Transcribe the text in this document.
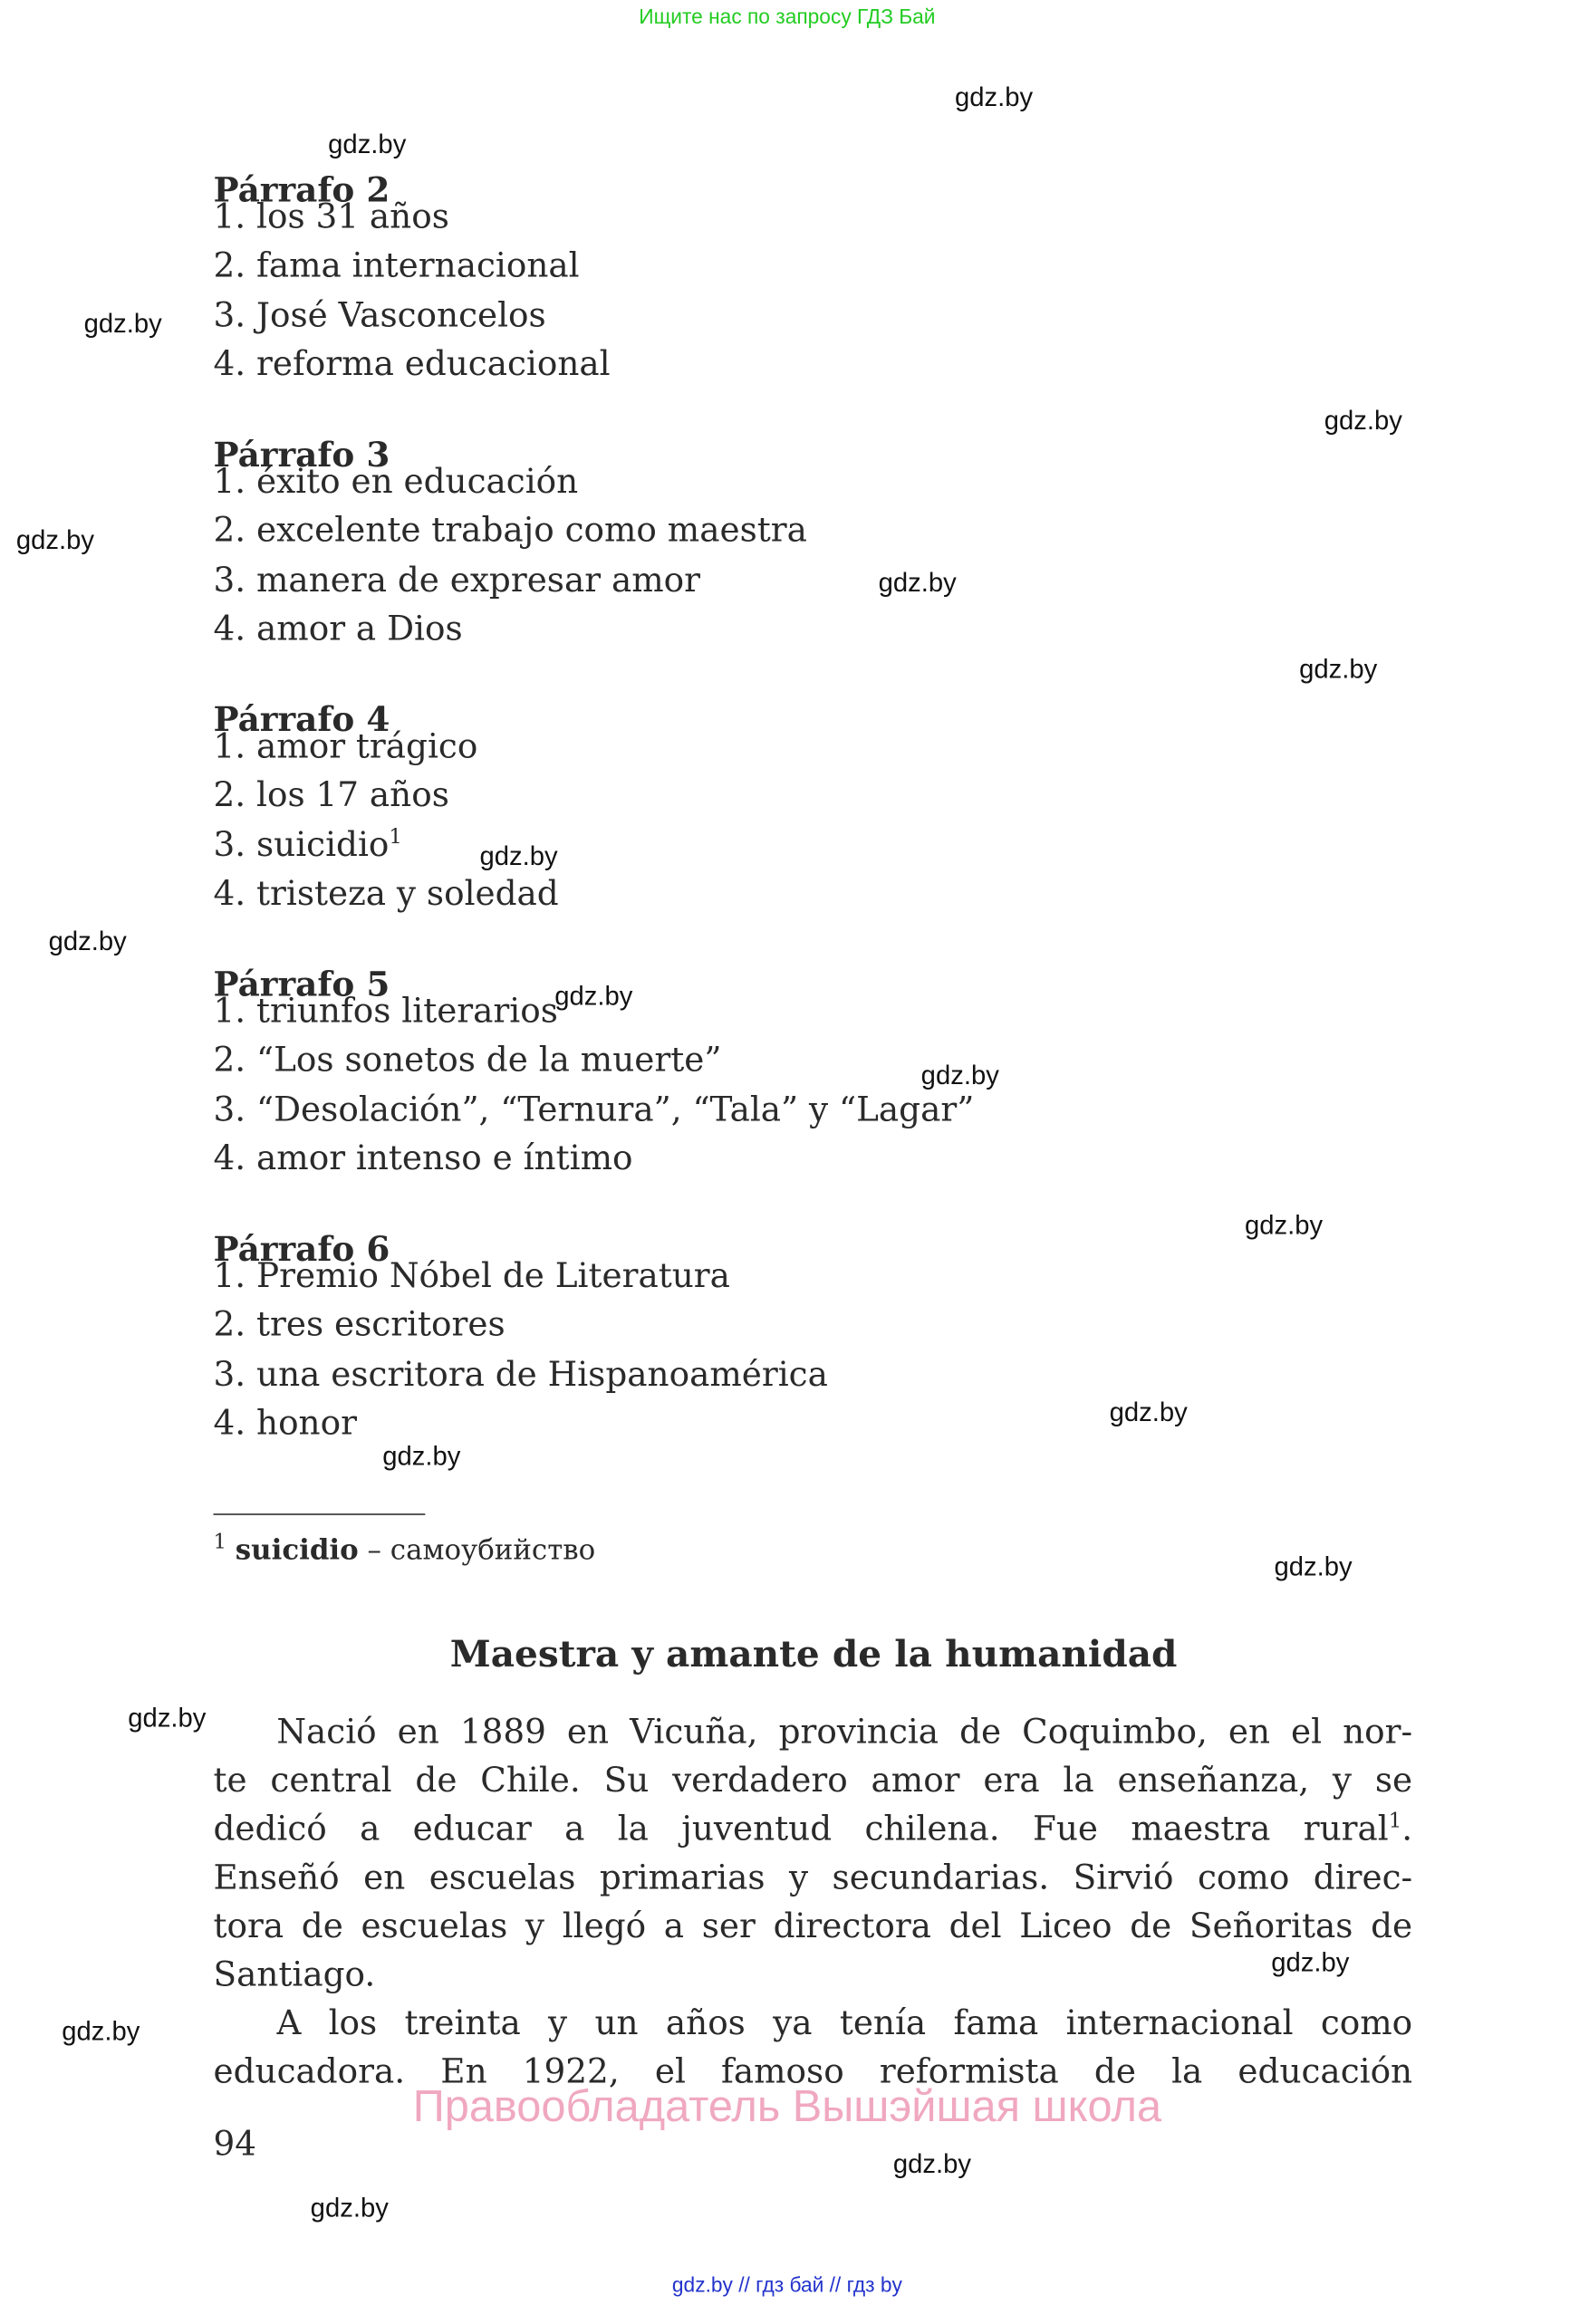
Ищите нас по запросу ГДЗ Бай
Párrafo 2
1. los 31 años
2. fama internacional
3. José Vasconcelos
4. reforma educacional
Párrafo 3
1. éxito en educación
2. excelente trabajo como maestra
3. manera de expresar amor
4. amor a Dios
Párrafo 4
1. amor trágico
2. los 17 años
3. suicidio$^1$
4. tristeza y soledad
Párrafo 5
1. triunfos literarios
2. “Los sonetos de la muerte”
3. “Desolación”, “Ternura”, “Tala” y “Lagar”
4. amor intenso e íntimo
Párrafo 6
1. Premio Nóbel de Literatura
2. tres escritores
3. una escritora de Hispanoamérica
4. honor
$^1$ suicidio – самоубийство
Maestra y amante de la humanidad
Nació en 1889 en Vicuña, provincia de Coquimbo, en el nor-
te central de Chile. Su verdadero amor era la enseñanza, y se
dedicó a educar a la juventud chilena. Fue maestra rural$^1$.
Enseñó en escuelas primarias y secundarias. Sirvió como direc-
tora de escuelas y llegó a ser directora del Liceo de Señoritas de
Santiago.
A los treinta y un años ya tenía fama internacional como
educadora. En 1922, el famoso reformista de la educación
Правообладатель Вышэйшая школа
94
gdz.by
gdz.by
gdz.by
gdz.by
gdz.by
gdz.by
gdz.by
gdz.by
gdz.by
gdz.by
gdz.by
gdz.by
gdz.by
gdz.by
gdz.by
gdz.by
gdz.by
gdz.by
gdz.by
gdz.by
gdz.by // гдз бай // гдз by
